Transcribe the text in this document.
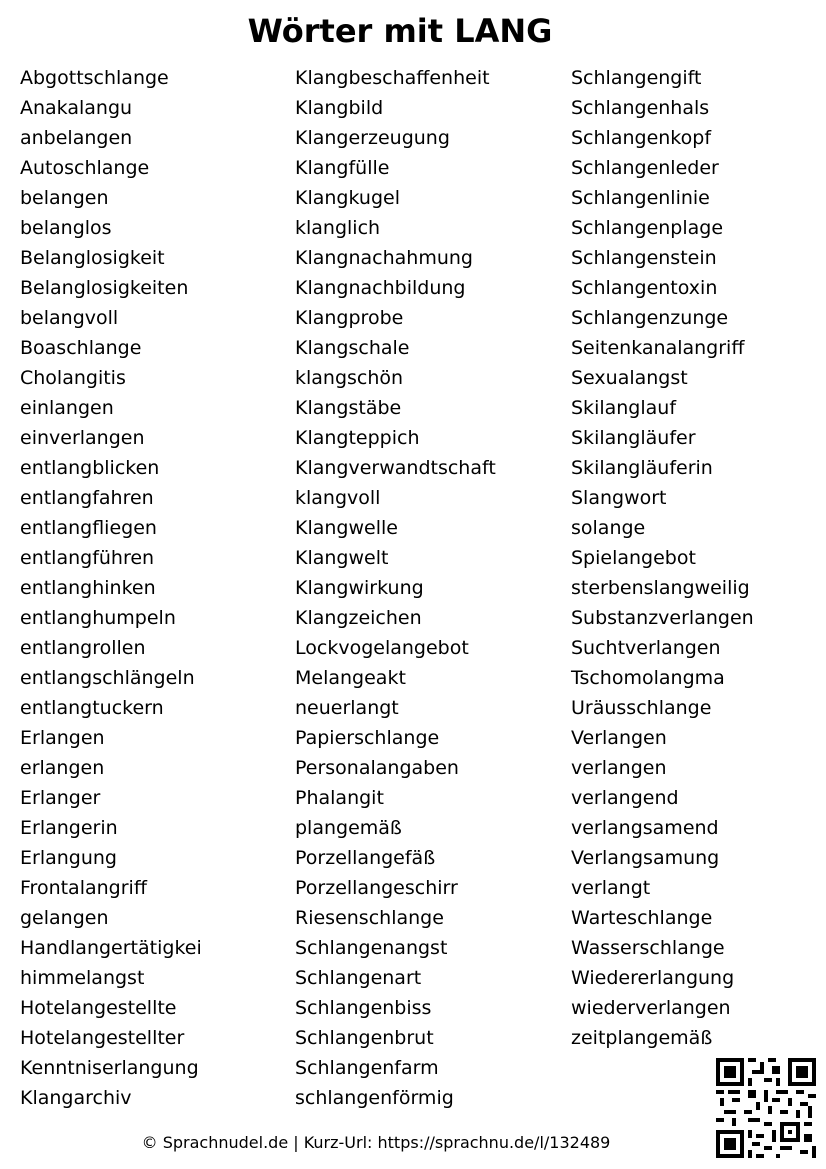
Wörter mit LANG
Abgottschlange
Anakalangu
anbelangen
Autoschlange
belangen
belanglos
Belanglosigkeit
Belanglosigkeiten
belangvoll
Boaschlange
Cholangitis
einlangen
einverlangen
entlangblicken
entlangfahren
entlangfliegen
entlangführen
entlanghinken
entlanghumpeln
entlangrollen
entlangschlängeln
entlangtuckern
Erlangen
erlangen
Erlanger
Erlangerin
Erlangung
Frontalangriff
gelangen
Handlangertätigkei
himmelangst
Hotelangestellte
Hotelangestellter
Kenntniserlangung
Klangarchiv
Klangbeschaffenheit
Klangbild
Klangerzeugung
Klangfülle
Klangkugel
klanglich
Klangnachahmung
Klangnachbildung
Klangprobe
Klangschale
klangschön
Klangstäbe
Klangteppich
Klangverwandtschaft
klangvoll
Klangwelle
Klangwelt
Klangwirkung
Klangzeichen
Lockvogelangebot
Melangeakt
neuerlangt
Papierschlange
Personalangaben
Phalangit
plangemäß
Porzellangefäß
Porzellangeschirr
Riesenschlange
Schlangenangst
Schlangenart
Schlangenbiss
Schlangenbrut
Schlangenfarm
schlangenförmig
Schlangengift
Schlangenhals
Schlangenkopf
Schlangenleder
Schlangenlinie
Schlangenplage
Schlangenstein
Schlangentoxin
Schlangenzunge
Seitenkanalangriff
Sexualangst
Skilanglauf
Skilangläufer
Skilangläuferin
Slangwort
solange
Spielangebot
sterbenslangweilig
Substanzverlangen
Suchtverlangen
Tschomolangma
Uräusschlange
Verlangen
verlangen
verlangend
verlangsamend
Verlangsamung
verlangt
Warteschlange
Wasserschlange
Wiedererlangung
wiederverlangen
zeitplangemäß
© Sprachnudel.de | Kurz-Url: https://sprachnu.de/l/132489
